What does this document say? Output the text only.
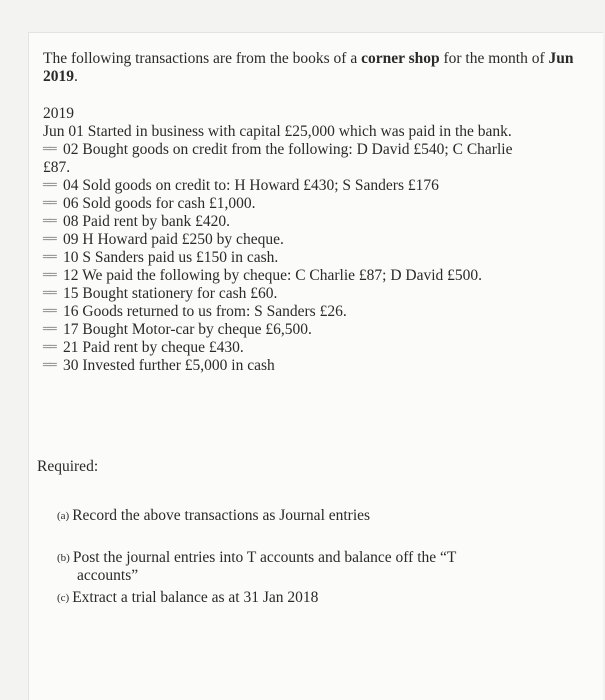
The following transactions are from the books of a corner shop for the month of Jun 2019.

2019
Jun 01 Started in business with capital £25,000 which was paid in the bank.
══ 02 Bought goods on credit from the following: D David £540; C Charlie
£87.
══ 04 Sold goods on credit to: H Howard £430; S Sanders £176
══ 06 Sold goods for cash £1,000.
══ 08 Paid rent by bank £420.
══ 09 H Howard paid £250 by cheque.
══ 10 S Sanders paid us £150 in cash.
══ 12 We paid the following by cheque: C Charlie £87; D David £500.
══ 15 Bought stationery for cash £60.
══ 16 Goods returned to us from: S Sanders £26.
══ 17 Bought Motor-car by cheque £6,500.
══ 21 Paid rent by cheque £430.
══ 30 Invested further £5,000 in cash
Required:
(a) Record the above transactions as Journal entries
(b) Post the journal entries into T accounts and balance off the “T
accounts”
(c) Extract a trial balance as at 31 Jan 2018
